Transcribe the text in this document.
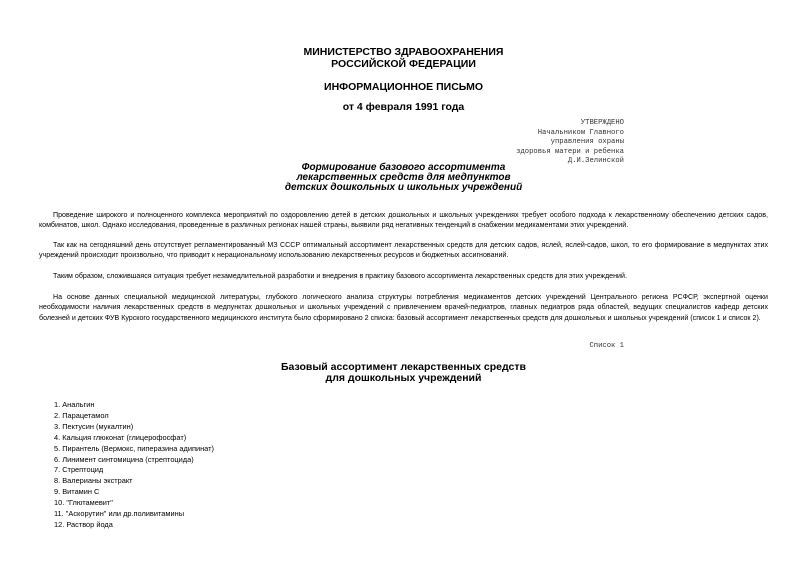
МИНИСТЕРСТВО ЗДРАВООХРАНЕНИЯ
РОССИЙСКОЙ ФЕДЕРАЦИИ
ИНФОРМАЦИОННОЕ ПИСЬМО
от 4 февраля 1991 года
УТВЕРЖДЕНО
Начальником Главного
управления охраны
здоровья матери и ребенка
Д.И.Зелинской
Формирование базового ассортимента
лекарственных средств для медпунктов
детских дошкольных и школьных учреждений
Проведение широкого и полноценного комплекса мероприятий по оздоровлению детей в детских дошкольных и школьных учреждениях требует особого подхода к лекарственному обеспечению детских садов, комбинатов, школ. Однако исследования, проведенные в различных регионах нашей страны, выявили ряд негативных тенденций в снабжении медикаментами этих учреждений.
Так как на сегодняшний день отсутствует регламентированный МЗ СССР оптимальный ассортимент лекарственных средств для детских садов, яслей, яслей-садов, школ, то его формирование в медпунктах этих учреждений происходит произвольно, что приводит к нерациональному использованию лекарственных ресурсов и бюджетных ассигнований.
Таким образом, сложившаяся ситуация требует незамедлительной разработки и внедрения в практику базового ассортимента лекарственных средств для этих учреждений.
На основе данных специальной медицинской литературы, глубокого логического анализа структуры потребления медикаментов детских учреждений Центрального региона РСФСР, экспертной оценки необходимости наличия лекарственных средств в медпунктах дошкольных и школьных учреждений с привлечением врачей-педиатров, главных педиатров ряда областей, ведущих специалистов кафедр детских болезней и детских ФУВ Курского государственного медицинского института было сформировано 2 списка: базовый ассортимент лекарственных средств для дошкольных и школьных учреждений (список 1 и список 2).
Список 1
Базовый ассортимент лекарственных средств
для дошкольных учреждений
1. Анальгин
2. Парацетамол
3. Пектусин (мукалтин)
4. Кальция глюконат (глицерофосфат)
5. Пирантель (Вермокс, пиперазина адипинат)
6. Линимент синтомицина (стрептоцида)
7. Стрептоцид
8. Валерианы экстракт
9. Витамин С
10. "Глютамевит"
11. "Аскорутин" или др.поливитамины
12. Раствор йода
